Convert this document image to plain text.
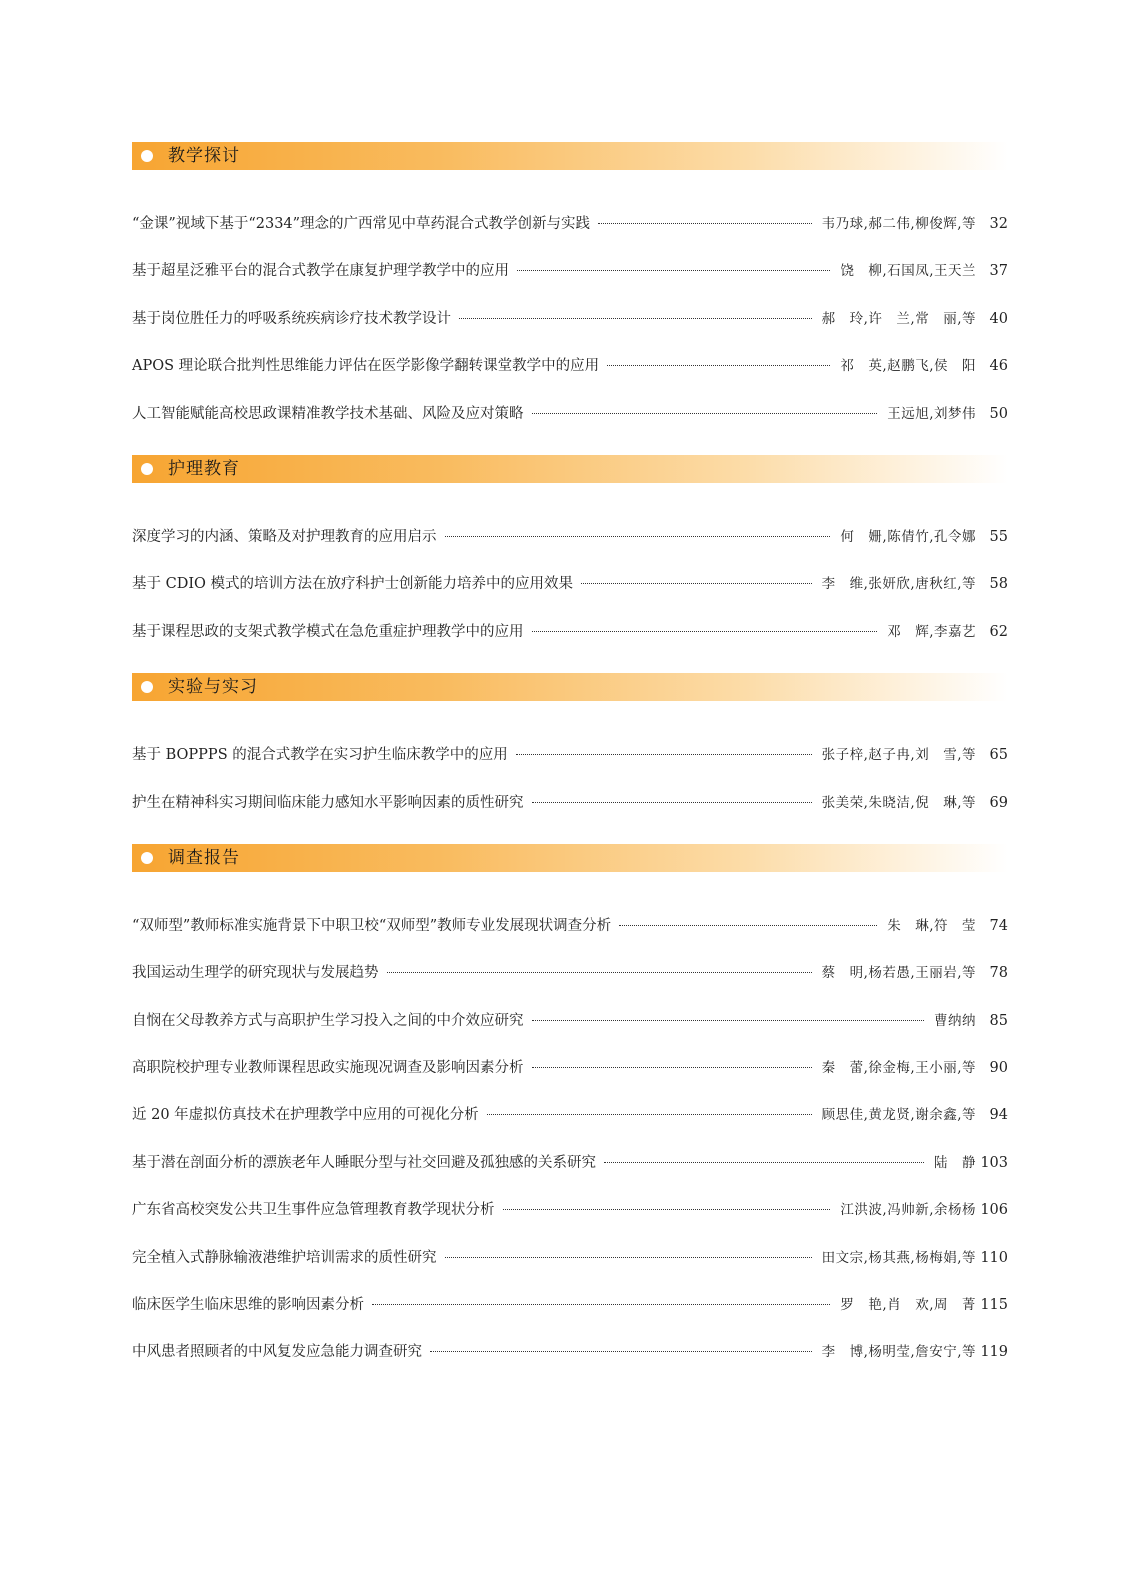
教学探讨
“金课”视域下基于“2334”理念的广西常见中草药混合式教学创新与实践	韦乃球,郝二伟,柳俊辉,等 32
基于超星泛雅平台的混合式教学在康复护理学教学中的应用	饶　柳,石国凤,王天兰 37
基于岗位胜任力的呼吸系统疾病诊疗技术教学设计	郝　玲,许　兰,常　丽,等 40
APOS 理论联合批判性思维能力评估在医学影像学翻转课堂教学中的应用	祁　英,赵鹏飞,侯　阳 46
人工智能赋能高校思政课精准教学技术基础、风险及应对策略	王远旭,刘梦伟 50
护理教育
深度学习的内涵、策略及对护理教育的应用启示	何　姗,陈倩竹,孔令娜 55
基于 CDIO 模式的培训方法在放疗科护士创新能力培养中的应用效果	李　维,张妍欣,唐秋红,等 58
基于课程思政的支架式教学模式在急危重症护理教学中的应用	邓　辉,李嘉艺 62
实验与实习
基于 BOPPPS 的混合式教学在实习护生临床教学中的应用	张子梓,赵子冉,刘　雪,等 65
护生在精神科实习期间临床能力感知水平影响因素的质性研究	张美荣,朱晓洁,倪　琳,等 69
调查报告
“双师型”教师标准实施背景下中职卫校“双师型”教师专业发展现状调查分析	朱　琳,符　莹 74
我国运动生理学的研究现状与发展趋势	蔡　明,杨若愚,王丽岩,等 78
自悯在父母教养方式与高职护生学习投入之间的中介效应研究	曹纳纳 85
高职院校护理专业教师课程思政实施现况调查及影响因素分析	秦　蕾,徐金梅,王小丽,等 90
近 20 年虚拟仿真技术在护理教学中应用的可视化分析	顾思佳,黄龙贤,谢余鑫,等 94
基于潜在剖面分析的漂族老年人睡眠分型与社交回避及孤独感的关系研究	陆　静 103
广东省高校突发公共卫生事件应急管理教育教学现状分析	江洪波,冯帅新,余杨杨 106
完全植入式静脉输液港维护培训需求的质性研究	田文宗,杨其燕,杨梅娟,等 110
临床医学生临床思维的影响因素分析	罗　艳,肖　欢,周　菁 115
中风患者照顾者的中风复发应急能力调查研究	李　博,杨明莹,詹安宁,等 119
